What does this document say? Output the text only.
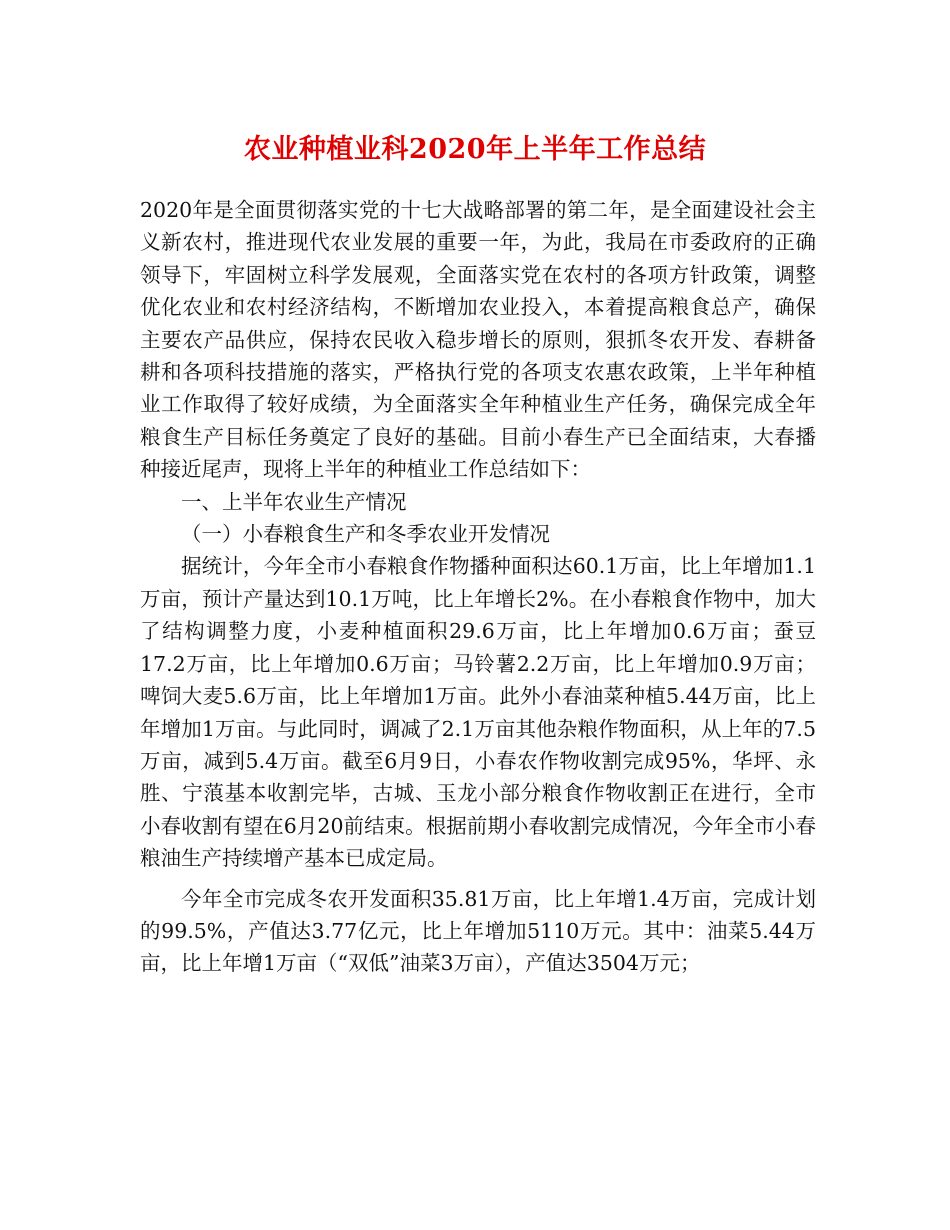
农业种植业科2020年上半年工作总结

2020年是全面贯彻落实党的十七大战略部署的第二年，是全面建设社会主义新农村，推进现代农业发展的重要一年，为此，我局在市委政府的正确领导下，牢固树立科学发展观，全面落实党在农村的各项方针政策，调整优化农业和农村经济结构，不断增加农业投入，本着提高粮食总产，确保主要农产品供应，保持农民收入稳步增长的原则，狠抓冬农开发、春耕备耕和各项科技措施的落实，严格执行党的各项支农惠农政策，上半年种植业工作取得了较好成绩，为全面落实全年种植业生产任务，确保完成全年粮食生产目标任务奠定了良好的基础。目前小春生产已全面结束，大春播种接近尾声，现将上半年的种植业工作总结如下：

一、上半年农业生产情况

（一）小春粮食生产和冬季农业开发情况

据统计，今年全市小春粮食作物播种面积达60.1万亩，比上年增加1.1万亩，预计产量达到10.1万吨，比上年增长2%。在小春粮食作物中，加大了结构调整力度，小麦种植面积29.6万亩，比上年增加0.6万亩；蚕豆17.2万亩，比上年增加0.6万亩；马铃薯2.2万亩，比上年增加0.9万亩；啤饲大麦5.6万亩，比上年增加1万亩。此外小春油菜种植5.44万亩，比上年增加1万亩。与此同时，调减了2.1万亩其他杂粮作物面积，从上年的7.5万亩，减到5.4万亩。截至6月9日，小春农作物收割完成95%，华坪、永胜、宁蒗基本收割完毕，古城、玉龙小部分粮食作物收割正在进行，全市小春收割有望在6月20前结束。根据前期小春收割完成情况，今年全市小春粮油生产持续增产基本已成定局。

今年全市完成冬农开发面积35.81万亩，比上年增1.4万亩，完成计划的99.5%，产值达3.77亿元，比上年增加5110万元。其中：油菜5.44万亩，比上年增1万亩（“双低”油菜3万亩），产值达3504万元；
